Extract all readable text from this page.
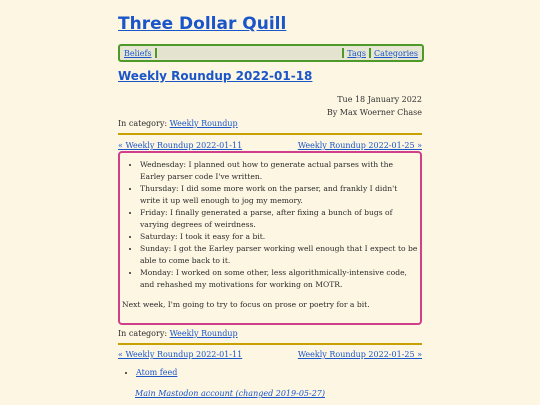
Three Dollar Quill
Beliefs	Tags Categories
Weekly Roundup 2022-01-18
Tue 18 January 2022
By Max Woerner Chase
In category: Weekly Roundup
« Weekly Roundup 2022-01-11	Weekly Roundup 2022-01-25 »
• Wednesday: I planned out how to generate actual parses with the Earley parser code I've written.
• Thursday: I did some more work on the parser, and frankly I didn't write it up well enough to jog my memory.
• Friday: I finally generated a parse, after fixing a bunch of bugs of varying degrees of weirdness.
• Saturday: I took it easy for a bit.
• Sunday: I got the Earley parser working well enough that I expect to be able to come back to it.
• Monday: I worked on some other, less algorithmically-intensive code, and rehashed my motivations for working on MOTR.

Next week, I'm going to try to focus on prose or poetry for a bit.

In category: Weekly Roundup
« Weekly Roundup 2022-01-11	Weekly Roundup 2022-01-25 »
• Atom feed
Main Mastodon account (changed 2019-05-27)
